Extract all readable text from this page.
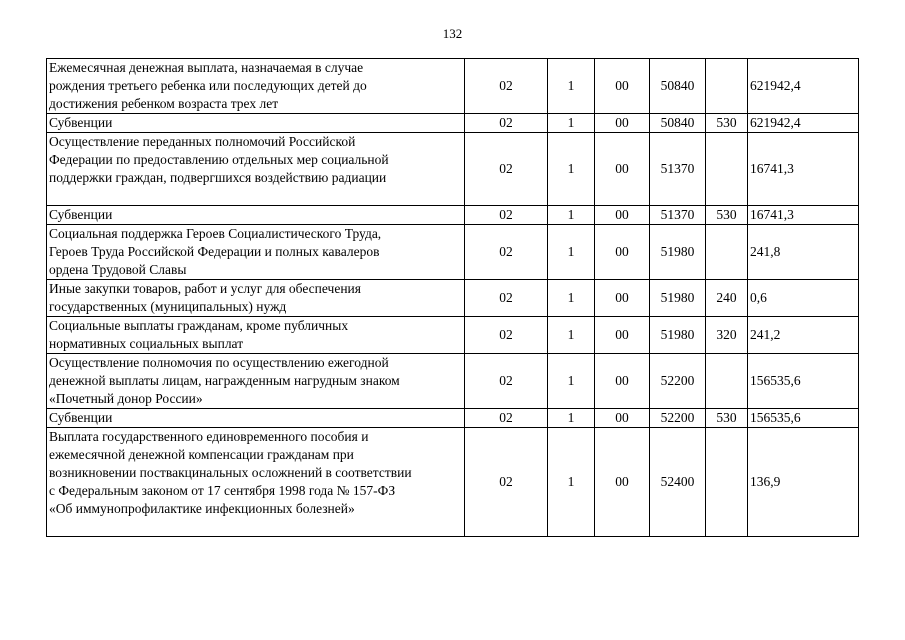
132
Ежемесячная денежная выплата, назначаемая в случае
рождения третьего ребенка или последующих детей до
достижения ребенком возраста трех лет	02	1	00	50840		621942,4

Субвенции	02	1	00	50840	530	621942,4

Осуществление переданных полномочий Российской
Федерации по предоставлению отдельных мер социальной
поддержки граждан, подвергшихся воздействию радиации	02	1	00	51370		16741,3

Субвенции	02	1	00	51370	530	16741,3

Социальная поддержка Героев Социалистического Труда,
Героев Труда Российской Федерации и полных кавалеров
ордена Трудовой Славы	02	1	00	51980		241,8

Иные закупки товаров, работ и услуг для обеспечения
государственных (муниципальных) нужд	02	1	00	51980	240	0,6

Социальные выплаты гражданам, кроме публичных
нормативных социальных выплат	02	1	00	51980	320	241,2

Осуществление полномочия по осуществлению ежегодной
денежной выплаты лицам, награжденным нагрудным знаком
«Почетный донор России»	02	1	00	52200		156535,6

Субвенции	02	1	00	52200	530	156535,6

Выплата государственного единовременного пособия и
ежемесячной денежной компенсации гражданам при
возникновении поствакцинальных осложнений в соответствии
с Федеральным законом от 17 сентября 1998 года № 157-ФЗ
«Об иммунопрофилактике инфекционных болезней»	02	1	00	52400		136,9
